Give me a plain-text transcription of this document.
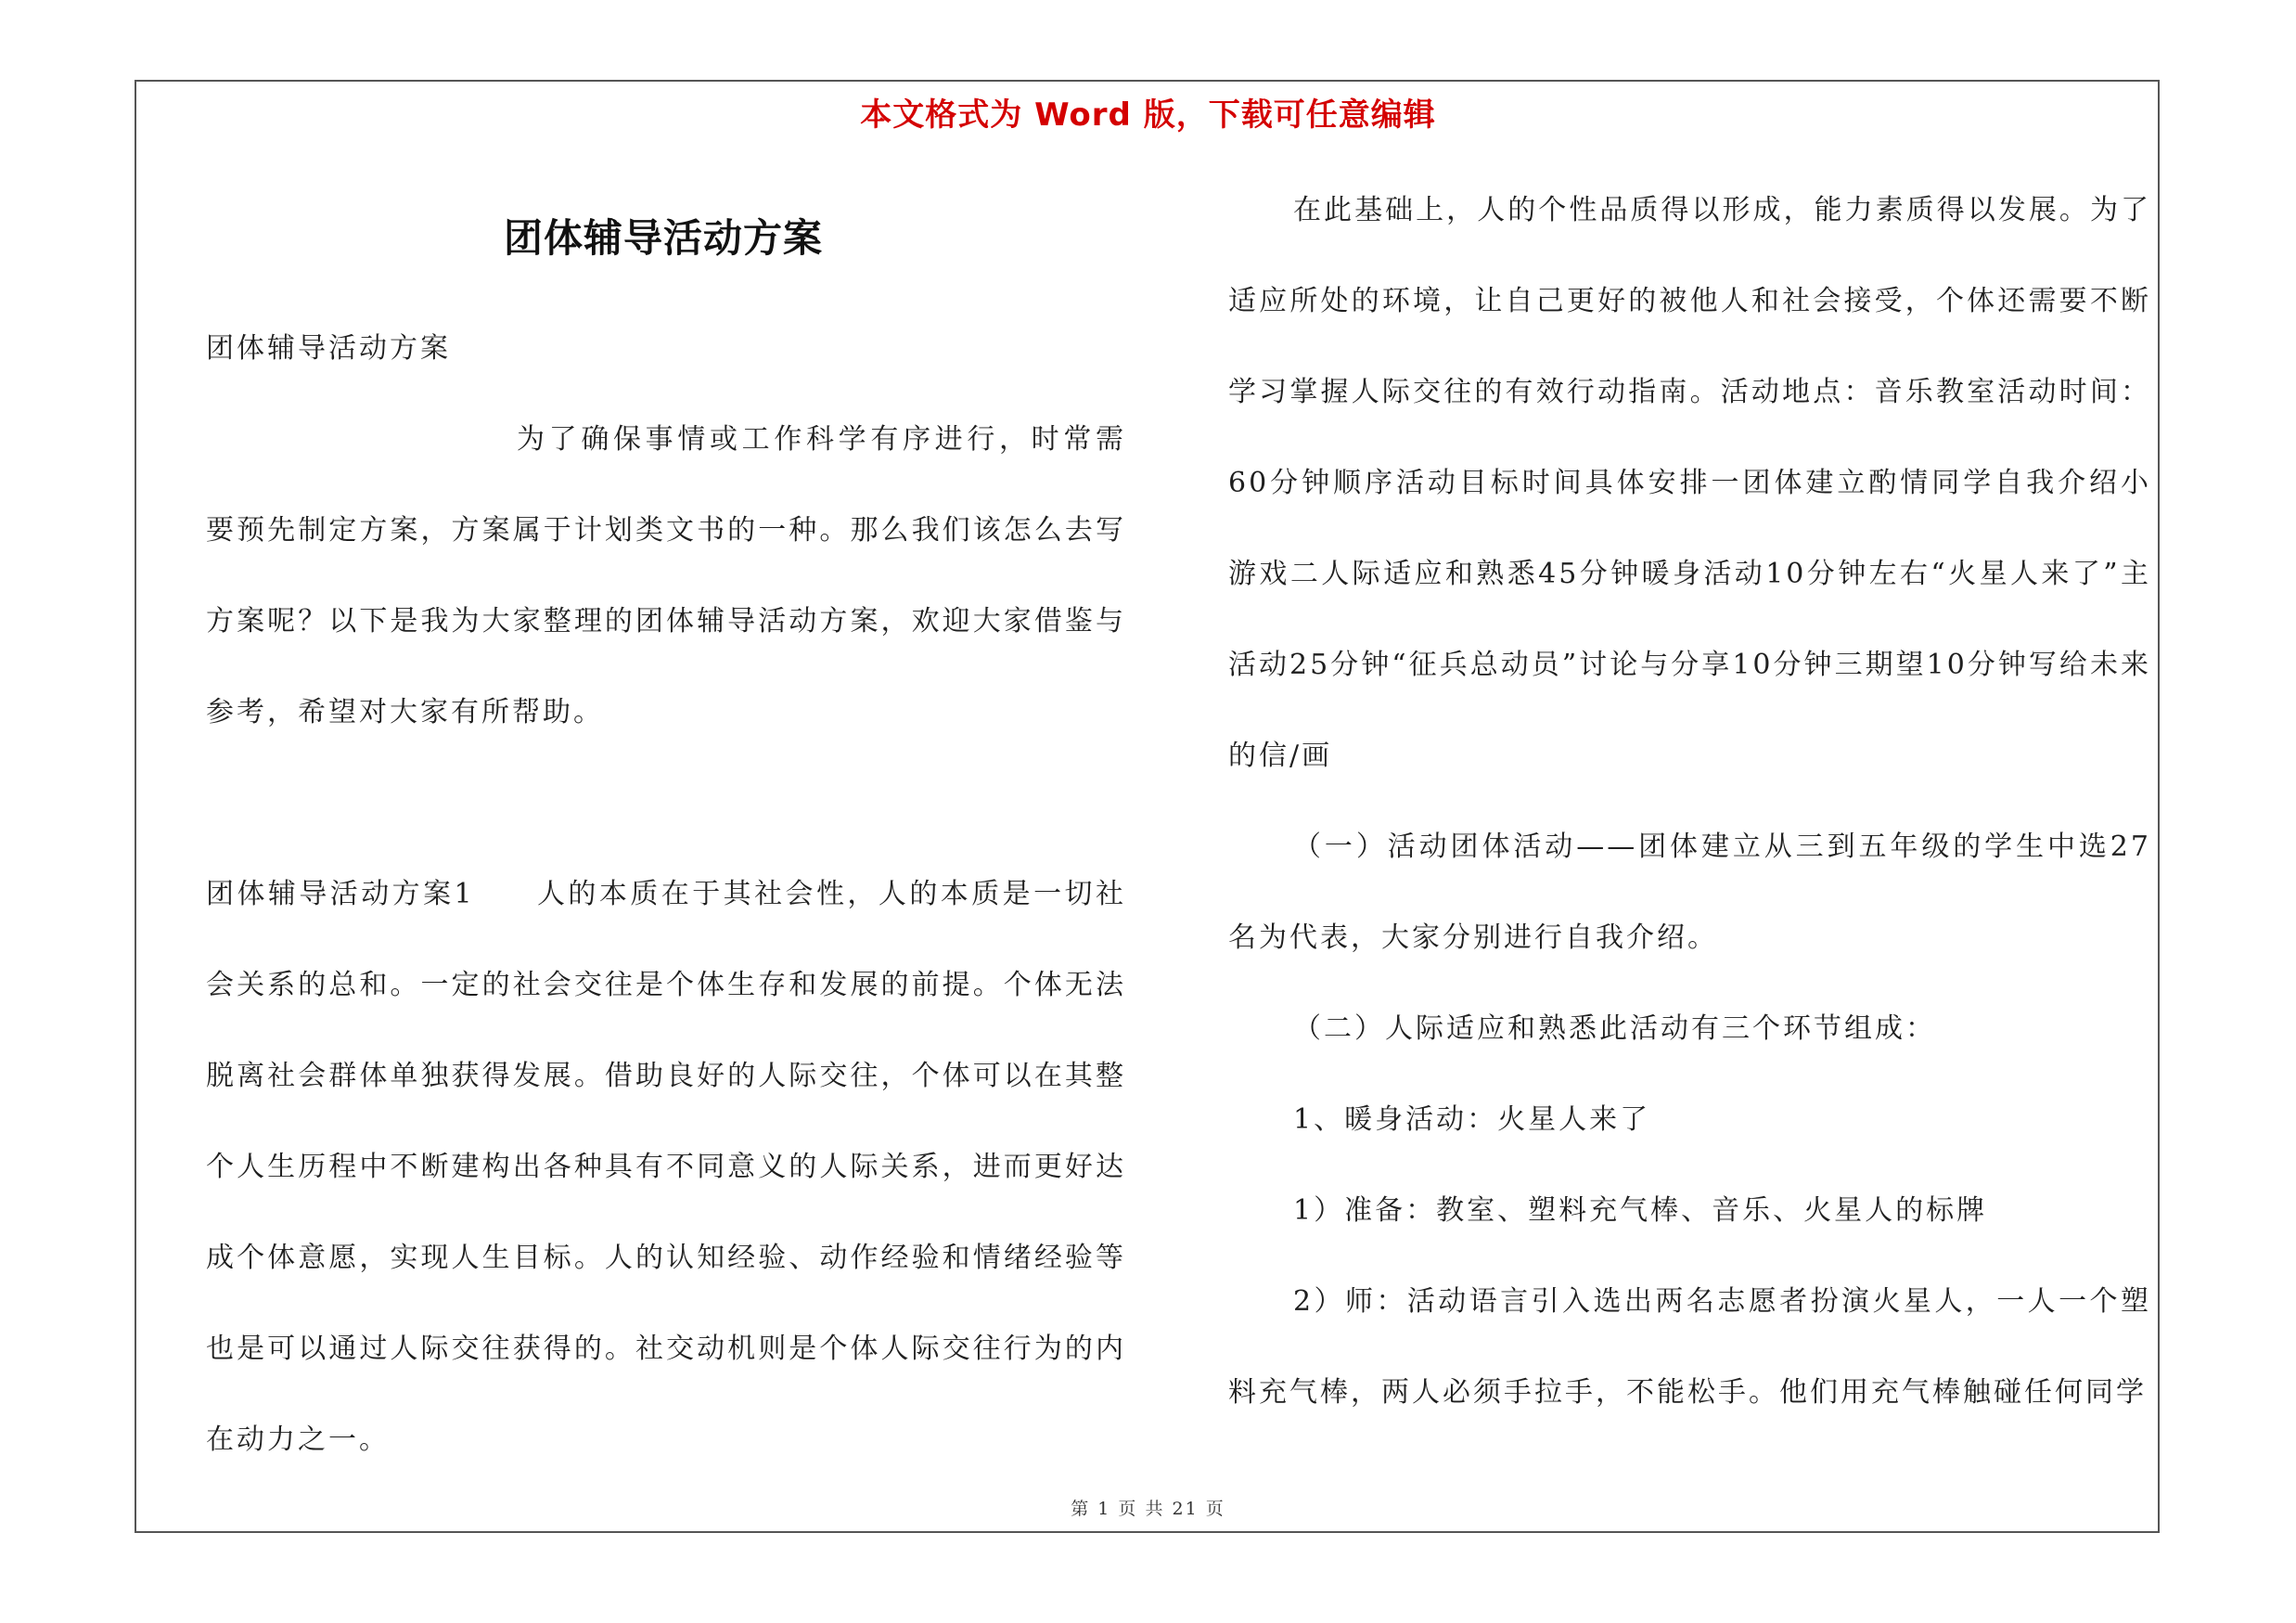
本文格式为 Word 版，下载可任意编辑
团体辅导活动方案

团体辅导活动方案

为了确保事情或工作科学有序进行，时常需要预先制定方案，方案属于计划类文书的一种。那么我们该怎么去写方案呢？以下是我为大家整理的团体辅导活动方案，欢迎大家借鉴与参考，希望对大家有所帮助。

团体辅导活动方案1　　人的本质在于其社会性，人的本质是一切社会关系的总和。一定的社会交往是个体生存和发展的前提。个体无法脱离社会群体单独获得发展。借助良好的人际交往，个体可以在其整个人生历程中不断建构出各种具有不同意义的人际关系，进而更好达成个体意愿，实现人生目标。人的认知经验、动作经验和情绪经验等也是可以通过人际交往获得的。社交动机则是个体人际交往行为的内在动力之一。

在此基础上，人的个性品质得以形成，能力素质得以发展。为了适应所处的环境，让自己更好的被他人和社会接受，个体还需要不断学习掌握人际交往的有效行动指南。活动地点：音乐教室活动时间：60分钟顺序活动目标时间具体安排一团体建立酌情同学自我介绍小游戏二人际适应和熟悉45分钟暖身活动10分钟左右“火星人来了”主活动25分钟“征兵总动员”讨论与分享10分钟三期望10分钟写给未来的信/画

（一）活动团体活动——团体建立从三到五年级的学生中选27名为代表，大家分别进行自我介绍。

（二）人际适应和熟悉此活动有三个环节组成：

1、暖身活动：火星人来了

1）准备：教室、塑料充气棒、音乐、火星人的标牌

2）师：活动语言引入选出两名志愿者扮演火星人，一人一个塑料充气棒，两人必须手拉手，不能松手。他们用充气棒触碰任何同学

第 1 页 共 21 页
